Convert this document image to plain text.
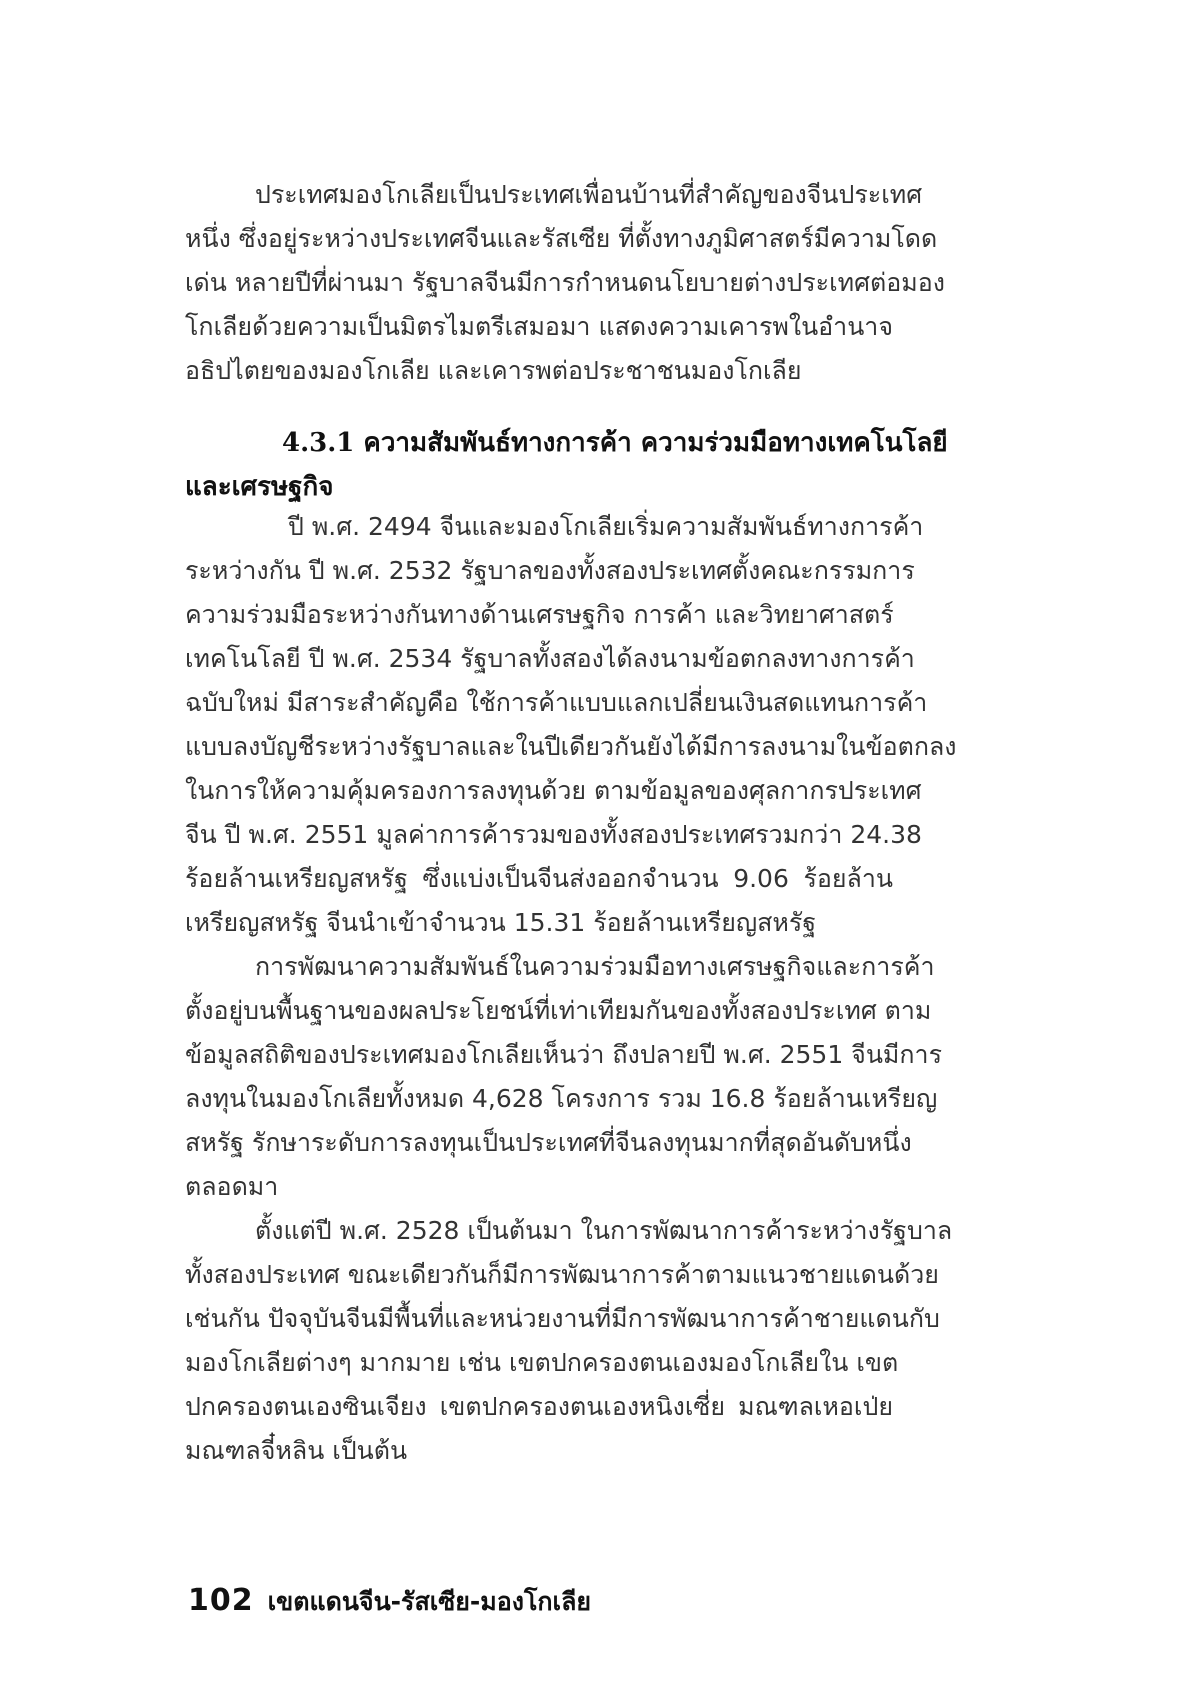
ประเทศมองโกเลียเป็นประเทศเพื่อนบ้านที่สำคัญของจีนประเทศ
หนึ่ง ซึ่งอยู่ระหว่างประเทศจีนและรัสเซีย ที่ตั้งทางภูมิศาสตร์มีความโดด
เด่น หลายปีที่ผ่านมา รัฐบาลจีนมีการกำหนดนโยบายต่างประเทศต่อมอง
โกเลียด้วยความเป็นมิตรไมตรีเสมอมา แสดงความเคารพในอำนาจ
อธิปไตยของมองโกเลีย และเคารพต่อประชาชนมองโกเลีย
4.3.1 ความสัมพันธ์ทางการค้า ความร่วมมือทางเทคโนโลยี
และเศรษฐกิจ
ปี พ.ศ. 2494 จีนและมองโกเลียเริ่มความสัมพันธ์ทางการค้า
ระหว่างกัน ปี พ.ศ. 2532 รัฐบาลของทั้งสองประเทศตั้งคณะกรรมการ
ความร่วมมือระหว่างกันทางด้านเศรษฐกิจ การค้า และวิทยาศาสตร์
เทคโนโลยี ปี พ.ศ. 2534 รัฐบาลทั้งสองได้ลงนามข้อตกลงทางการค้า
ฉบับใหม่ มีสาระสำคัญคือ ใช้การค้าแบบแลกเปลี่ยนเงินสดแทนการค้า
แบบลงบัญชีระหว่างรัฐบาลและในปีเดียวกันยังได้มีการลงนามในข้อตกลง
ในการให้ความคุ้มครองการลงทุนด้วย ตามข้อมูลของศุลกากรประเทศ
จีน ปี พ.ศ. 2551 มูลค่าการค้ารวมของทั้งสองประเทศรวมกว่า 24.38
ร้อยล้านเหรียญสหรัฐ ซึ่งแบ่งเป็นจีนส่งออกจำนวน 9.06 ร้อยล้าน
เหรียญสหรัฐ จีนนำเข้าจำนวน 15.31 ร้อยล้านเหรียญสหรัฐ
การพัฒนาความสัมพันธ์ในความร่วมมือทางเศรษฐกิจและการค้า
ตั้งอยู่บนพื้นฐานของผลประโยชน์ที่เท่าเทียมกันของทั้งสองประเทศ ตาม
ข้อมูลสถิติของประเทศมองโกเลียเห็นว่า ถึงปลายปี พ.ศ. 2551 จีนมีการ
ลงทุนในมองโกเลียทั้งหมด 4,628 โครงการ รวม 16.8 ร้อยล้านเหรียญ
สหรัฐ รักษาระดับการลงทุนเป็นประเทศที่จีนลงทุนมากที่สุดอันดับหนึ่ง
ตลอดมา
ตั้งแต่ปี พ.ศ. 2528 เป็นต้นมา ในการพัฒนาการค้าระหว่างรัฐบาล
ทั้งสองประเทศ ขณะเดียวกันก็มีการพัฒนาการค้าตามแนวชายแดนด้วย
เช่นกัน ปัจจุบันจีนมีพื้นที่และหน่วยงานที่มีการพัฒนาการค้าชายแดนกับ
มองโกเลียต่างๆ มากมาย เช่น เขตปกครองตนเองมองโกเลียใน เขต
ปกครองตนเองซินเจียง เขตปกครองตนเองหนิงเซี่ย มณฑลเหอเป่ย
มณฑลจี๋หลิน เป็นต้น
102 เขตแดนจีน-รัสเซีย-มองโกเลีย
